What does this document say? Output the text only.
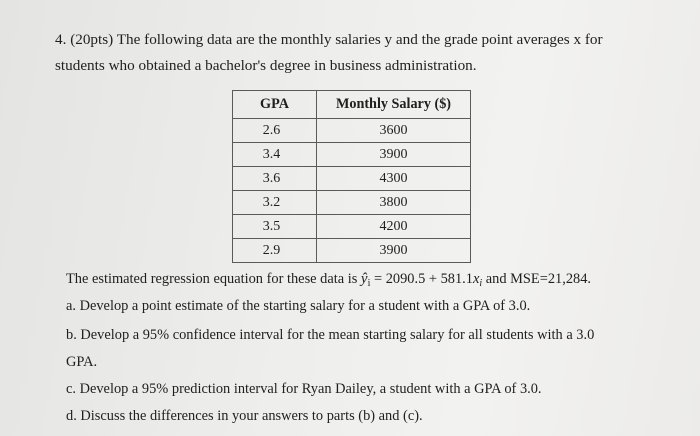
4. (20pts) The following data are the monthly salaries y and the grade point averages x for
students who obtained a bachelor's degree in business administration.
GPA	Monthly Salary ($)
2.6	3600
3.4	3900
3.6	4300
3.2	3800
3.5	4200
2.9	3900
The estimated regression equation for these data is $ŷ_i = 2090.5 + 581.1x_i$ and MSE=21,284.
a. Develop a point estimate of the starting salary for a student with a GPA of 3.0.
b. Develop a 95% confidence interval for the mean starting salary for all students with a 3.0
GPA.
c. Develop a 95% prediction interval for Ryan Dailey, a student with a GPA of 3.0.
d. Discuss the differences in your answers to parts (b) and (c).
